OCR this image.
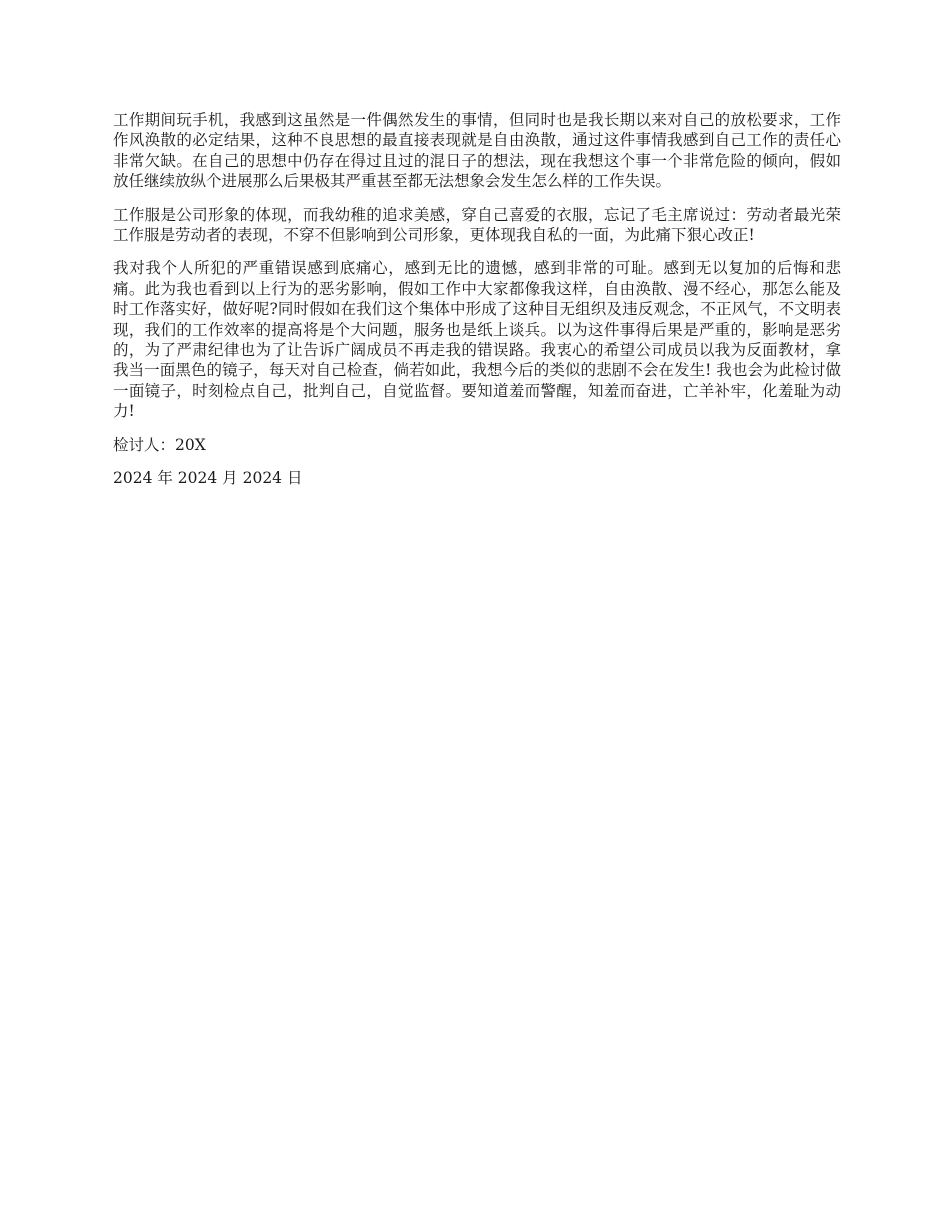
工作期间玩手机，我感到这虽然是一件偶然发生的事情，但同时也是我长期以来对自己的放松要求，工作作风涣散的必定结果，这种不良思想的最直接表现就是自由涣散，通过这件事情我感到自己工作的责任心非常欠缺。在自己的思想中仍存在得过且过的混日子的想法，现在我想这个事一个非常危险的倾向，假如放任继续放纵个进展那么后果极其严重甚至都无法想象会发生怎么样的工作失误。

工作服是公司形象的体现，而我幼稚的追求美感，穿自己喜爱的衣服，忘记了毛主席说过：劳动者最光荣 工作服是劳动者的表现，不穿不但影响到公司形象，更体现我自私的一面，为此痛下狠心改正!

我对我个人所犯的严重错误感到底痛心，感到无比的遗憾，感到非常的可耻。感到无以复加的后悔和悲痛。此为我也看到以上行为的恶劣影响，假如工作中大家都像我这样，自由涣散、漫不经心，那怎么能及时工作落实好，做好呢?同时假如在我们这个集体中形成了这种目无组织及违反观念，不正风气，不文明表现，我们的工作效率的提高将是个大问题，服务也是纸上谈兵。以为这件事得后果是严重的，影响是恶劣的，为了严肃纪律也为了让告诉广阔成员不再走我的错误路。我衷心的希望公司成员以我为反面教材，拿我当一面黑色的镜子，每天对自己检查，倘若如此，我想今后的类似的悲剧不会在发生! 我也会为此检讨做一面镜子，时刻检点自己，批判自己，自觉监督。要知道羞而警醒，知羞而奋进，亡羊补牢，化羞耻为动力!

检讨人：20X

2024 年 2024 月 2024 日
